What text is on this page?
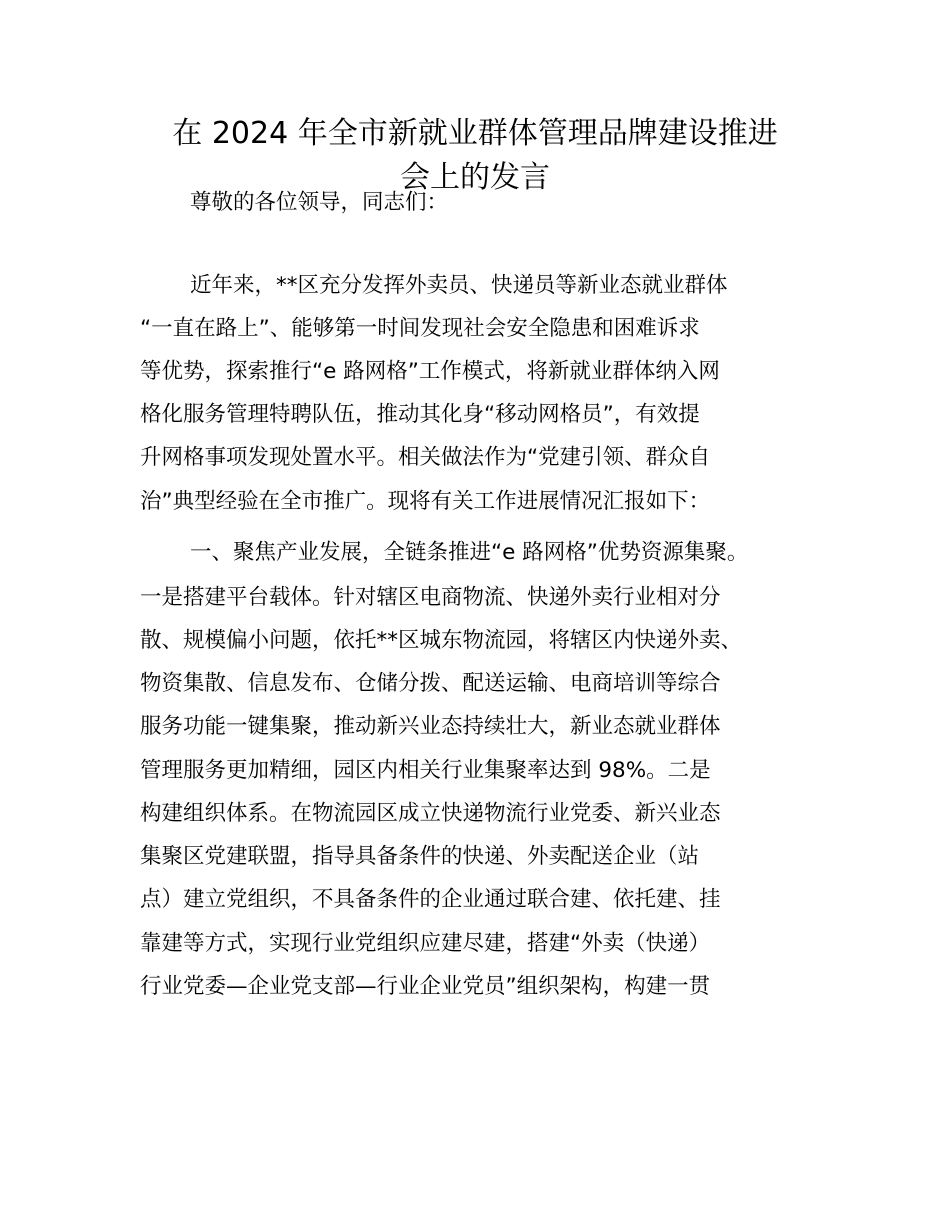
在 2024 年全市新就业群体管理品牌建设推进
会上的发言

尊敬的各位领导，同志们：

近年来，**区充分发挥外卖员、快递员等新业态就业群体

“一直在路上”、能够第一时间发现社会安全隐患和困难诉求

等优势，探索推行“e 路网格”工作模式，将新就业群体纳入网

格化服务管理特聘队伍，推动其化身“移动网格员”，有效提

升网格事项发现处置水平。相关做法作为“党建引领、群众自

治”典型经验在全市推广。现将有关工作进展情况汇报如下：

一、聚焦产业发展，全链条推进“e 路网格”优势资源集聚。

一是搭建平台载体。针对辖区电商物流、快递外卖行业相对分

散、规模偏小问题，依托**区城东物流园，将辖区内快递外卖、

物资集散、信息发布、仓储分拨、配送运输、电商培训等综合

服务功能一键集聚，推动新兴业态持续壮大，新业态就业群体

管理服务更加精细，园区内相关行业集聚率达到 98%。二是

构建组织体系。在物流园区成立快递物流行业党委、新兴业态

集聚区党建联盟，指导具备条件的快递、外卖配送企业（站

点）建立党组织，不具备条件的企业通过联合建、依托建、挂

靠建等方式，实现行业党组织应建尽建，搭建“外卖（快递）

行业党委—企业党支部—行业企业党员”组织架构，构建一贯
